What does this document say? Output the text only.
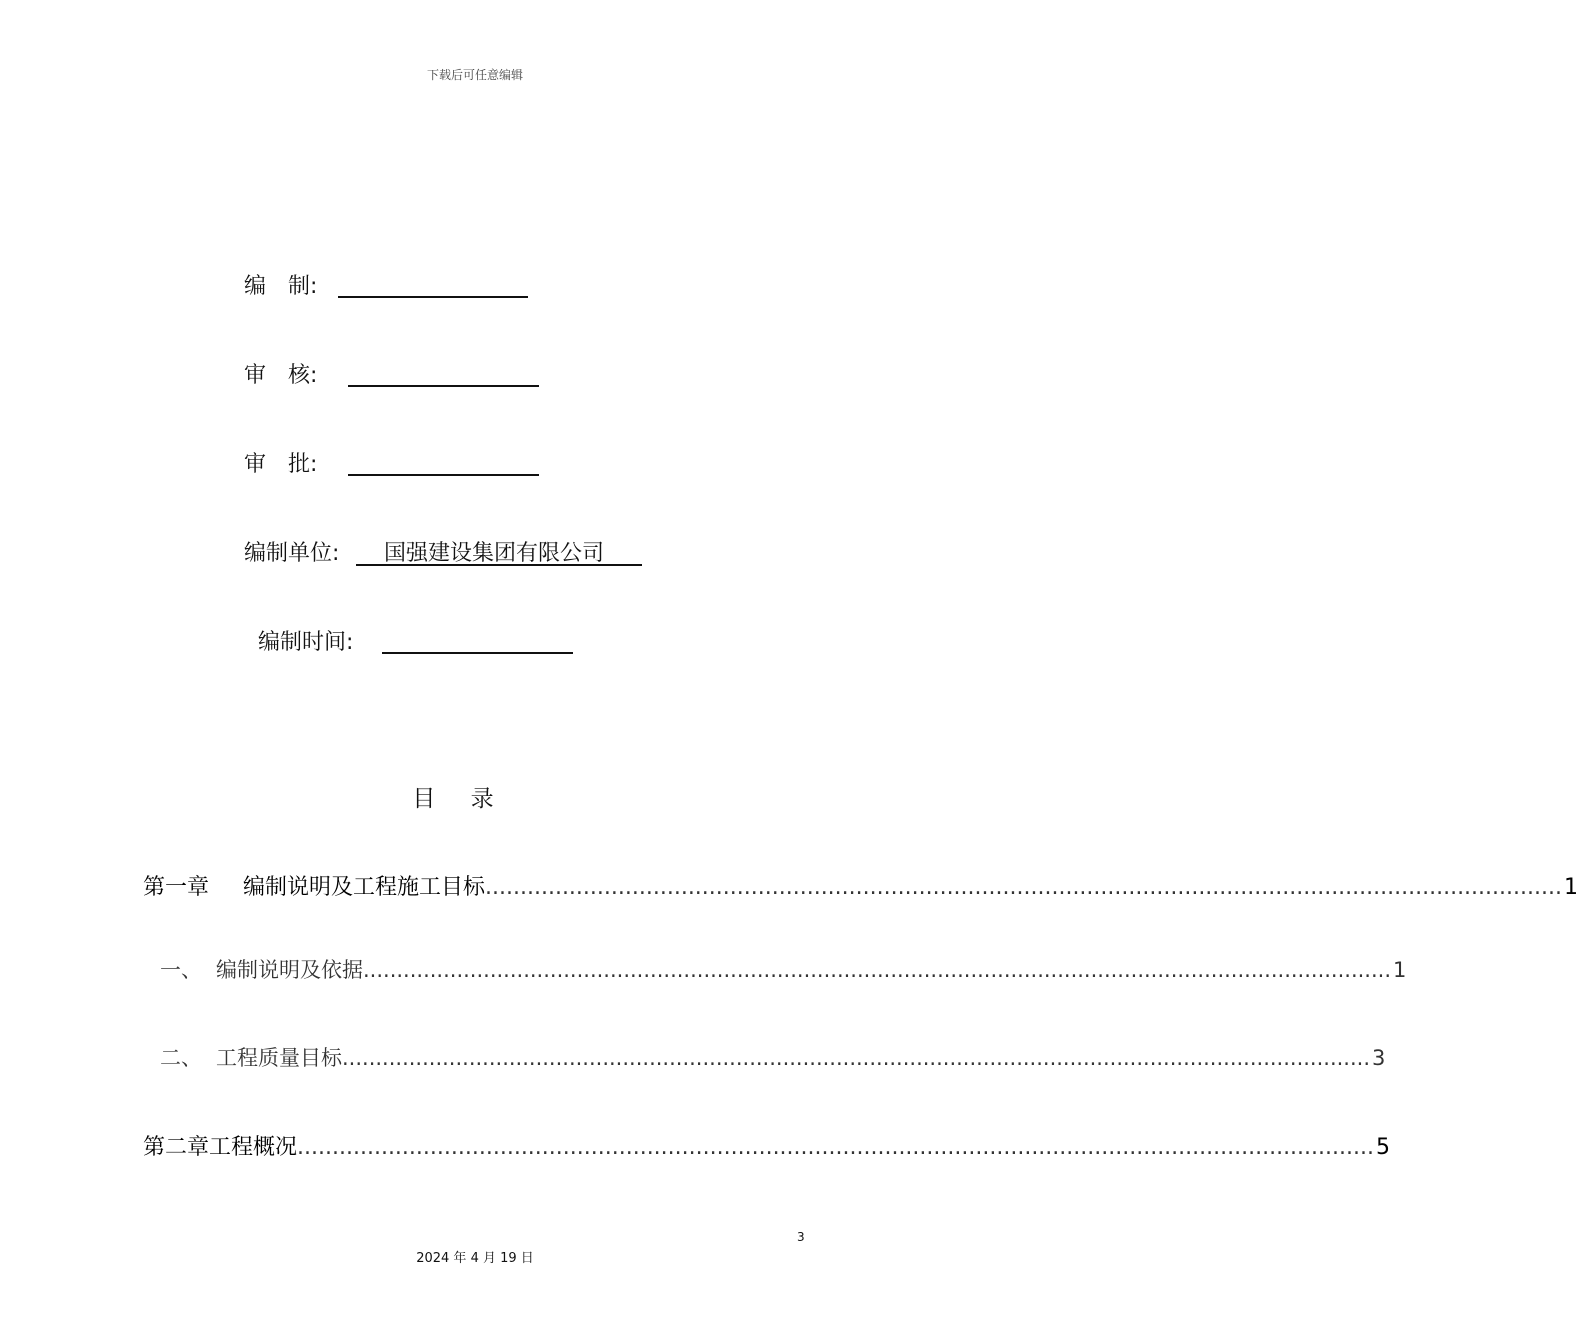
下载后可任意编辑
编　制:
审　核:
审　批:
编制单位: 国强建设集团有限公司
编制时间:
目 录
第一章	编制说明及工程施工目标 .......................................................................................................................................................... 1
一、 编制说明及依据 .......................................................................................................................................................... 1
二、 工程质量目标 .......................................................................................................................................................... 3
第二章 工程概况 .......................................................................................................................................................... 5
3
2024 年 4 月 19 日
